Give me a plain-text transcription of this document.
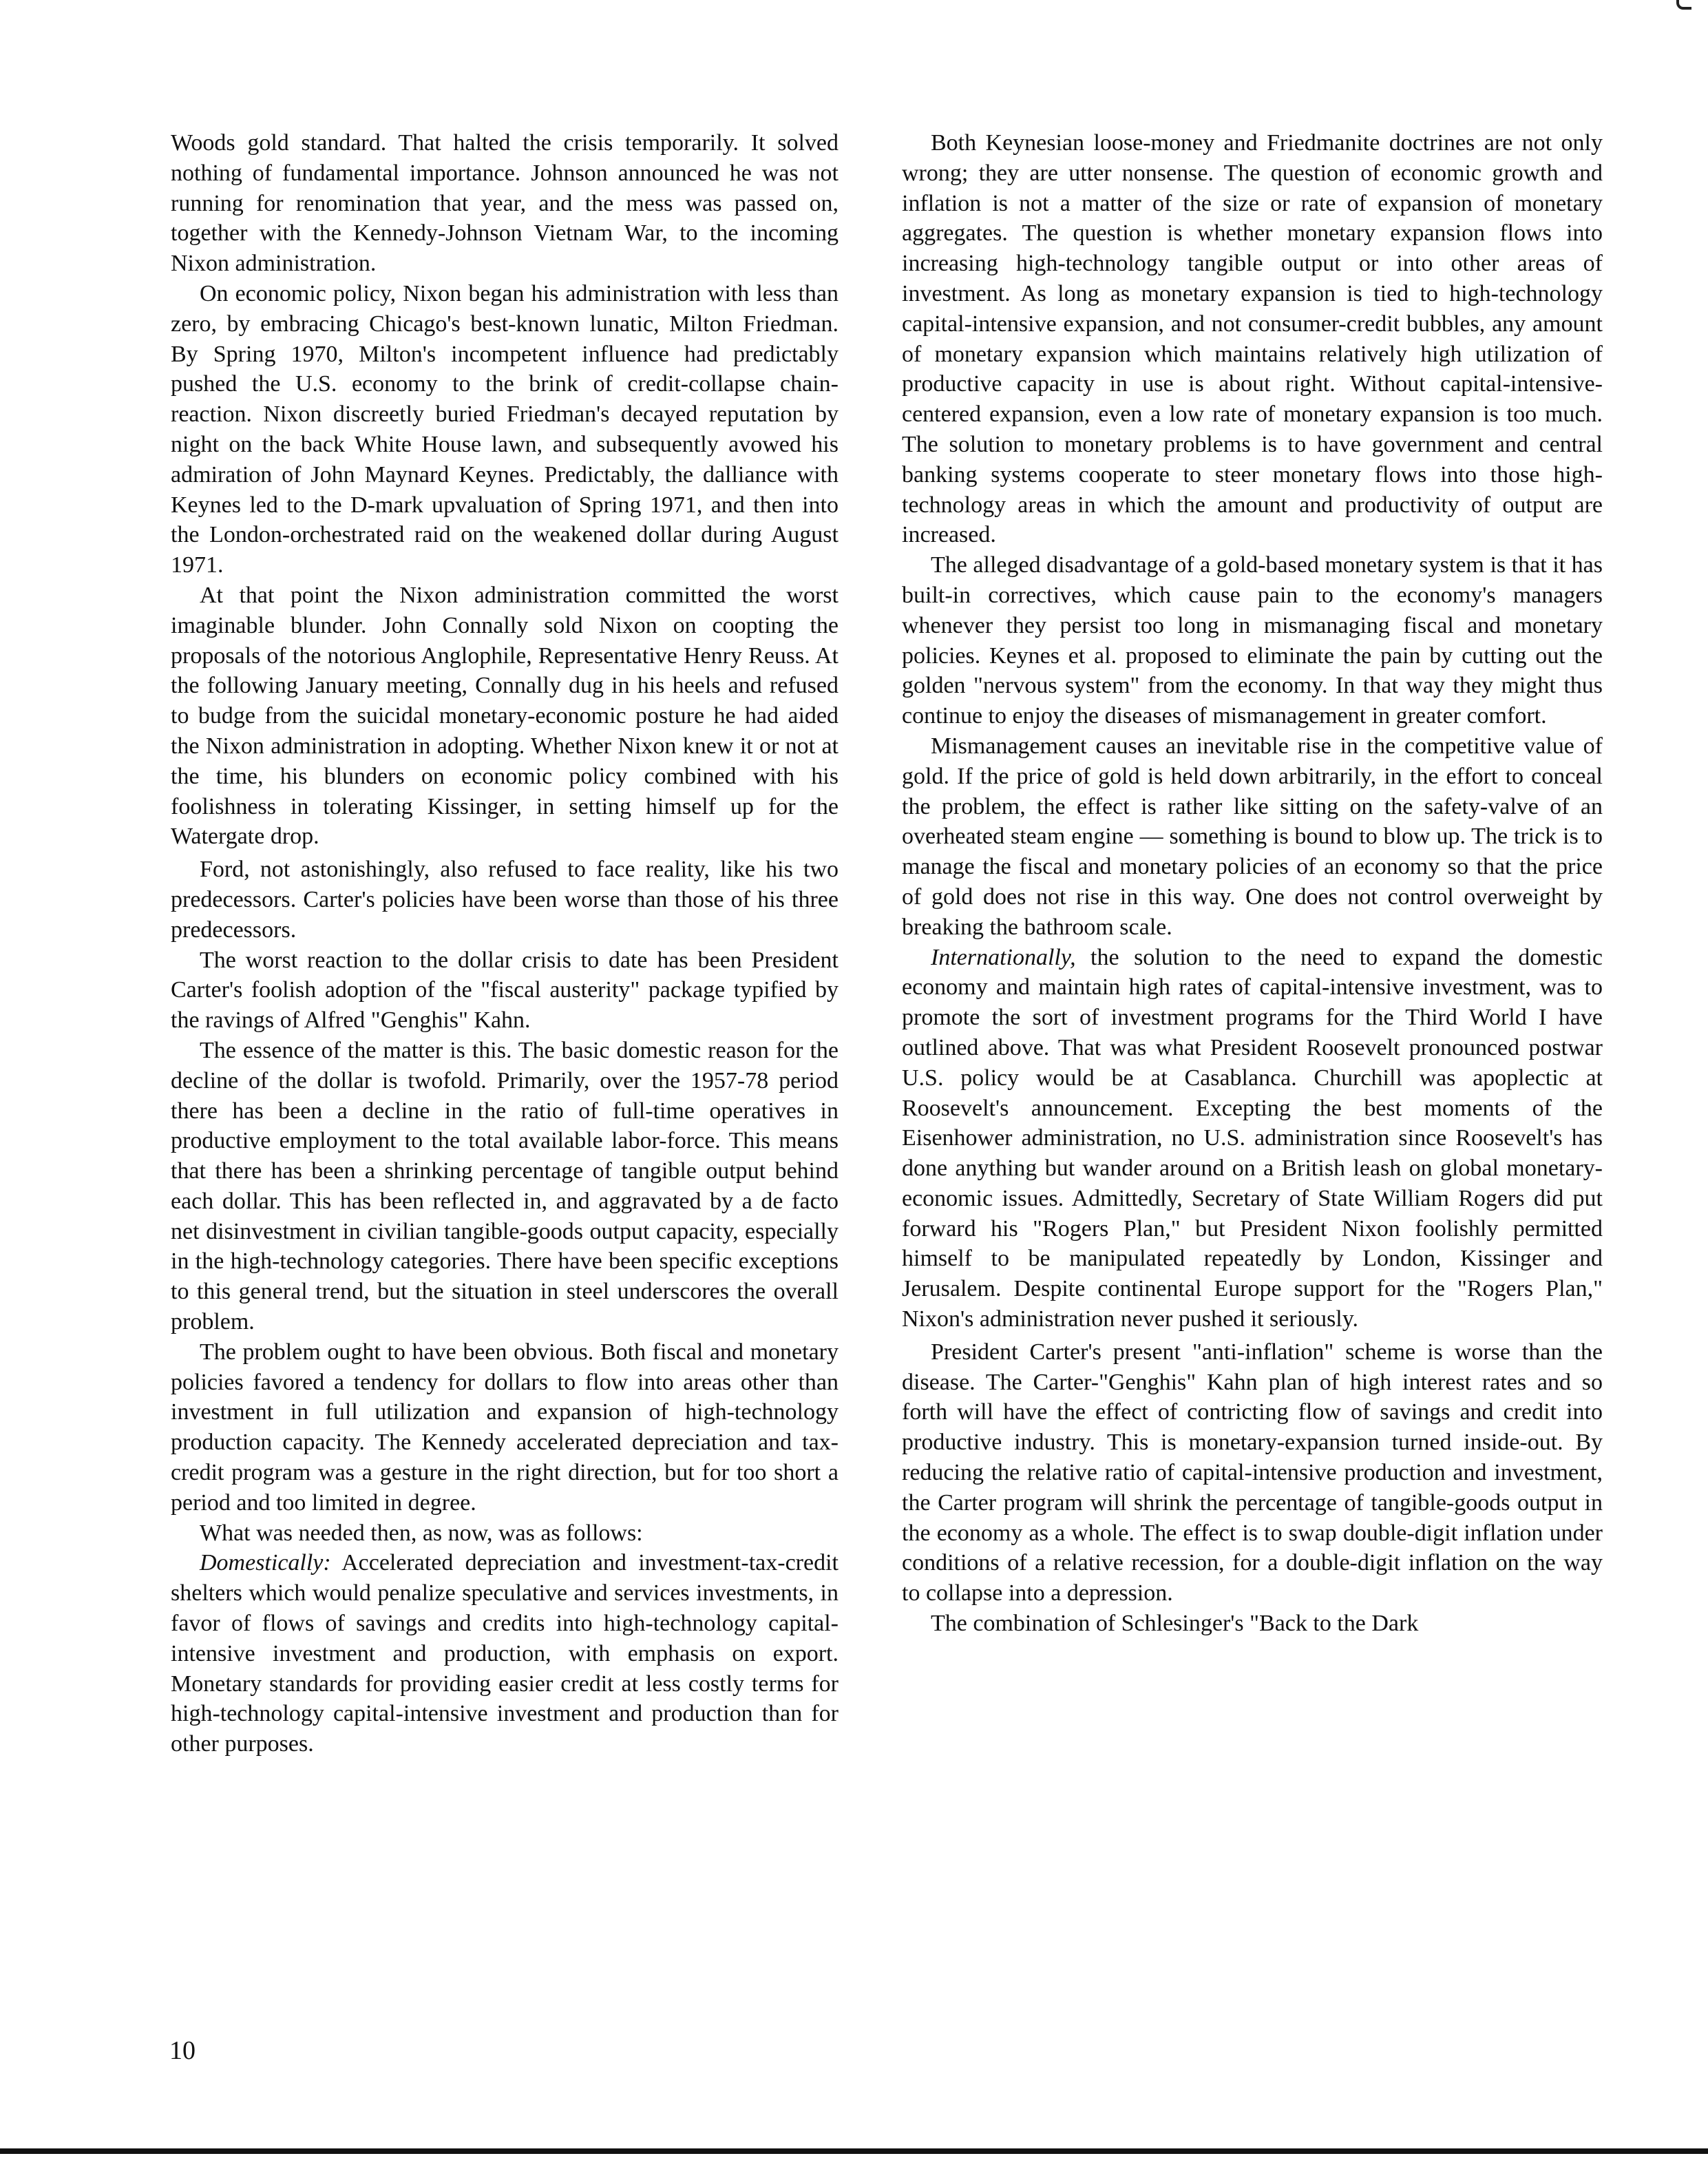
Woods gold standard. That halted the crisis temporarily. It solved nothing of fundamental importance. Johnson announced he was not running for renomination that year, and the mess was passed on, together with the Kennedy-Johnson Vietnam War, to the incoming Nixon administration.

On economic policy, Nixon began his administration with less than zero, by embracing Chicago's best-known lunatic, Milton Friedman. By Spring 1970, Milton's incompetent influence had predictably pushed the U.S. economy to the brink of credit-collapse chain-reaction. Nixon discreetly buried Friedman's decayed reputation by night on the back White House lawn, and subsequently avowed his admiration of John Maynard Keynes. Predictably, the dalliance with Keynes led to the D-mark upvaluation of Spring 1971, and then into the London-orchestrated raid on the weakened dollar during August 1971.

At that point the Nixon administration committed the worst imaginable blunder. John Connally sold Nixon on coopting the proposals of the notorious Anglophile, Representative Henry Reuss. At the following January meeting, Connally dug in his heels and refused to budge from the suicidal monetary-economic posture he had aided the Nixon administration in adopting. Whether Nixon knew it or not at the time, his blunders on economic policy combined with his foolishness in tolerating Kissinger, in setting himself up for the Watergate drop.

Ford, not astonishingly, also refused to face reality, like his two predecessors. Carter's policies have been worse than those of his three predecessors.

The worst reaction to the dollar crisis to date has been President Carter's foolish adoption of the "fiscal austerity" package typified by the ravings of Alfred "Genghis" Kahn.

The essence of the matter is this. The basic domestic reason for the decline of the dollar is twofold. Primarily, over the 1957-78 period there has been a decline in the ratio of full-time operatives in productive employment to the total available labor-force. This means that there has been a shrinking percentage of tangible output behind each dollar. This has been reflected in, and aggravated by a de facto net disinvestment in civilian tangible-goods output capacity, especially in the high-technology categories. There have been specific exceptions to this general trend, but the situation in steel underscores the overall problem.

The problem ought to have been obvious. Both fiscal and monetary policies favored a tendency for dollars to flow into areas other than investment in full utilization and expansion of high-technology production capacity. The Kennedy accelerated depreciation and tax-credit program was a gesture in the right direction, but for too short a period and too limited in degree.

What was needed then, as now, was as follows:

Domestically: Accelerated depreciation and investment-tax-credit shelters which would penalize speculative and services investments, in favor of flows of savings and credits into high-technology capital-intensive investment and production, with emphasis on export. Monetary standards for providing easier credit at less costly terms for high-technology capital-intensive investment and production than for other purposes.

Both Keynesian loose-money and Friedmanite doctrines are not only wrong; they are utter nonsense. The question of economic growth and inflation is not a matter of the size or rate of expansion of monetary aggregates. The question is whether monetary expansion flows into increasing high-technology tangible output or into other areas of investment. As long as monetary expansion is tied to high-technology capital-intensive expansion, and not consumer-credit bubbles, any amount of monetary expansion which maintains relatively high utilization of productive capacity in use is about right. Without capital-intensive-centered expansion, even a low rate of monetary expansion is too much. The solution to monetary problems is to have government and central banking systems cooperate to steer monetary flows into those high-technology areas in which the amount and productivity of output are increased.

The alleged disadvantage of a gold-based monetary system is that it has built-in correctives, which cause pain to the economy's managers whenever they persist too long in mismanaging fiscal and monetary policies. Keynes et al. proposed to eliminate the pain by cutting out the golden "nervous system" from the economy. In that way they might thus continue to enjoy the diseases of mismanagement in greater comfort.

Mismanagement causes an inevitable rise in the competitive value of gold. If the price of gold is held down arbitrarily, in the effort to conceal the problem, the effect is rather like sitting on the safety-valve of an overheated steam engine — something is bound to blow up. The trick is to manage the fiscal and monetary policies of an economy so that the price of gold does not rise in this way. One does not control overweight by breaking the bathroom scale.

Internationally, the solution to the need to expand the domestic economy and maintain high rates of capital-intensive investment, was to promote the sort of investment programs for the Third World I have outlined above. That was what President Roosevelt pronounced postwar U.S. policy would be at Casablanca. Churchill was apoplectic at Roosevelt's announcement. Excepting the best moments of the Eisenhower administration, no U.S. administration since Roosevelt's has done anything but wander around on a British leash on global monetary-economic issues. Admittedly, Secretary of State William Rogers did put forward his "Rogers Plan," but President Nixon foolishly permitted himself to be manipulated repeatedly by London, Kissinger and Jerusalem. Despite continental Europe support for the "Rogers Plan," Nixon's administration never pushed it seriously.

President Carter's present "anti-inflation" scheme is worse than the disease. The Carter-"Genghis" Kahn plan of high interest rates and so forth will have the effect of contricting flow of savings and credit into productive industry. This is monetary-expansion turned inside-out. By reducing the relative ratio of capital-intensive production and investment, the Carter program will shrink the percentage of tangible-goods output in the economy as a whole. The effect is to swap double-digit inflation under conditions of a relative recession, for a double-digit inflation on the way to collapse into a depression.

The combination of Schlesinger's "Back to the Dark

10
